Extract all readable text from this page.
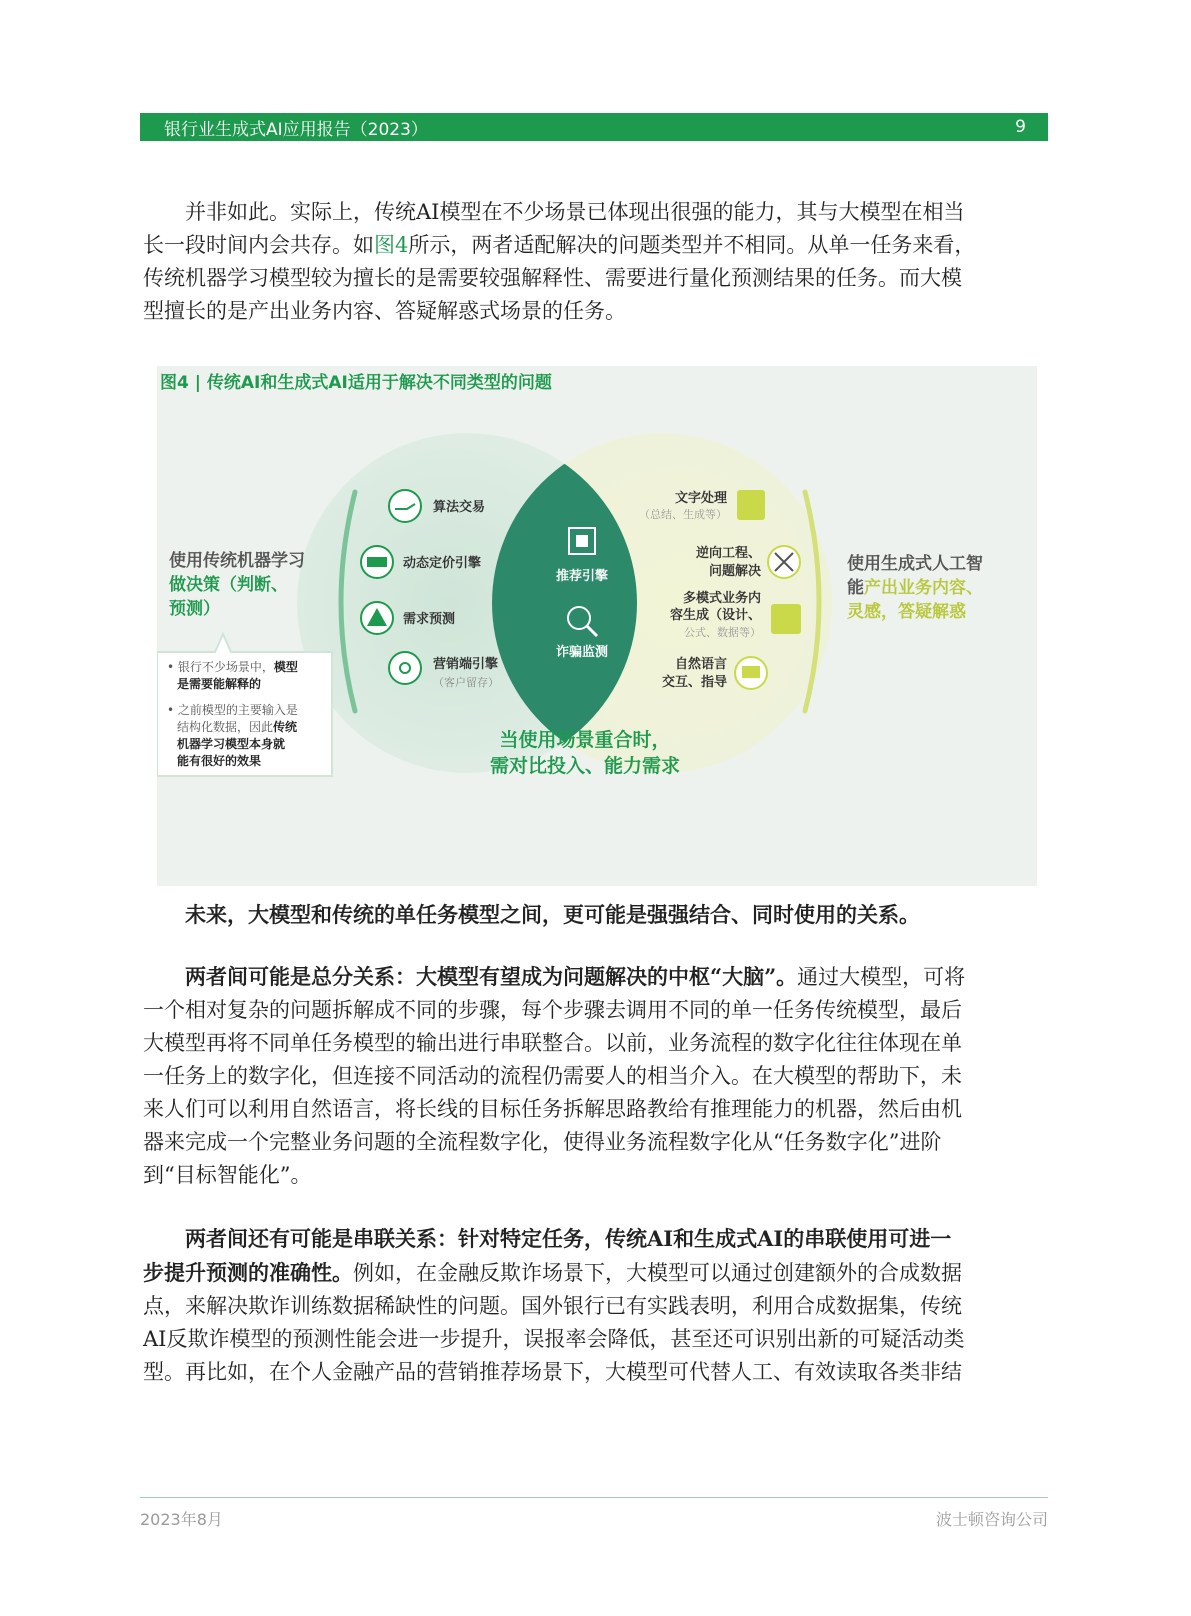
银行业生成式AI应用报告（2023）	9
并非如此。实际上，传统AI模型在不少场景已体现出很强的能力，其与大模型在相当
长一段时间内会共存。如图4所示，两者适配解决的问题类型并不相同。从单一任务来看，
传统机器学习模型较为擅长的是需要较强解释性、需要进行量化预测结果的任务。而大模
型擅长的是产出业务内容、答疑解惑式场景的任务。
使用传统机器学习
做决策（判断、
预测）
算法交易
动态定价引擎
需求预测
营销端引擎
（客户留存）
推荐引擎
诈骗监测
文字处理
（总结、生成等）
逆向工程、
问题解决
多模式业务内
容生成（设计、
公式、数据等）
自然语言
交互、指导
使用生成式人工智
能产出业务内容、
灵感，答疑解惑
• 银行不少场景中，模型
是需要能解释的
• 之前模型的主要输入是
结构化数据，因此传统
机器学习模型本身就
能有很好的效果
当使用场景重合时，
需对比投入、能力需求
图4 | 传统AI和生成式AI适用于解决不同类型的问题
未来，大模型和传统的单任务模型之间，更可能是强强结合、同时使用的关系。
两者间可能是总分关系：大模型有望成为问题解决的中枢“大脑”。通过大模型，可将
一个相对复杂的问题拆解成不同的步骤，每个步骤去调用不同的单一任务传统模型，最后
大模型再将不同单任务模型的输出进行串联整合。以前，业务流程的数字化往往体现在单
一任务上的数字化，但连接不同活动的流程仍需要人的相当介入。在大模型的帮助下，未
来人们可以利用自然语言，将长线的目标任务拆解思路教给有推理能力的机器，然后由机
器来完成一个完整业务问题的全流程数字化，使得业务流程数字化从“任务数字化”进阶
到“目标智能化”。
两者间还有可能是串联关系：针对特定任务，传统AI和生成式AI的串联使用可进一
步提升预测的准确性。例如，在金融反欺诈场景下，大模型可以通过创建额外的合成数据
点，来解决欺诈训练数据稀缺性的问题。国外银行已有实践表明，利用合成数据集，传统
AI反欺诈模型的预测性能会进一步提升，误报率会降低，甚至还可识别出新的可疑活动类
型。再比如，在个人金融产品的营销推荐场景下，大模型可代替人工、有效读取各类非结
2023年8月	波士顿咨询公司
